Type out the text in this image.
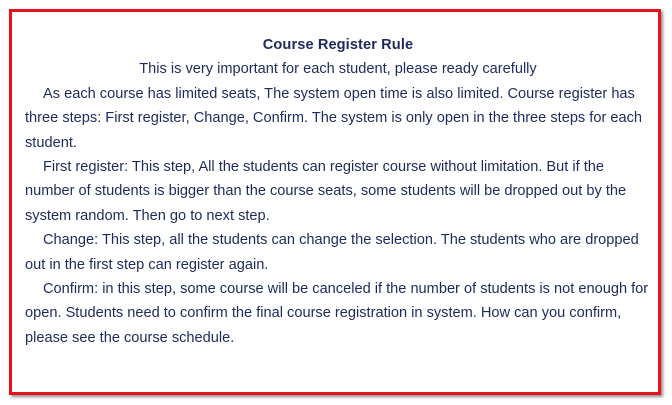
Course Register Rule

This is very important for each student, please ready carefully

As each course has limited seats, The system open time is also limited. Course register has three steps: First register, Change, Confirm. The system is only open in the three steps for each student.

First register: This step, All the students can register course without limitation. But if the number of students is bigger than the course seats, some students will be dropped out by the system random. Then go to next step.

Change: This step, all the students can change the selection. The students who are dropped out in the first step can register again.

Confirm: in this step, some course will be canceled if the number of students is not enough for open. Students need to confirm the final course registration in system. How can you confirm, please see the course schedule.
